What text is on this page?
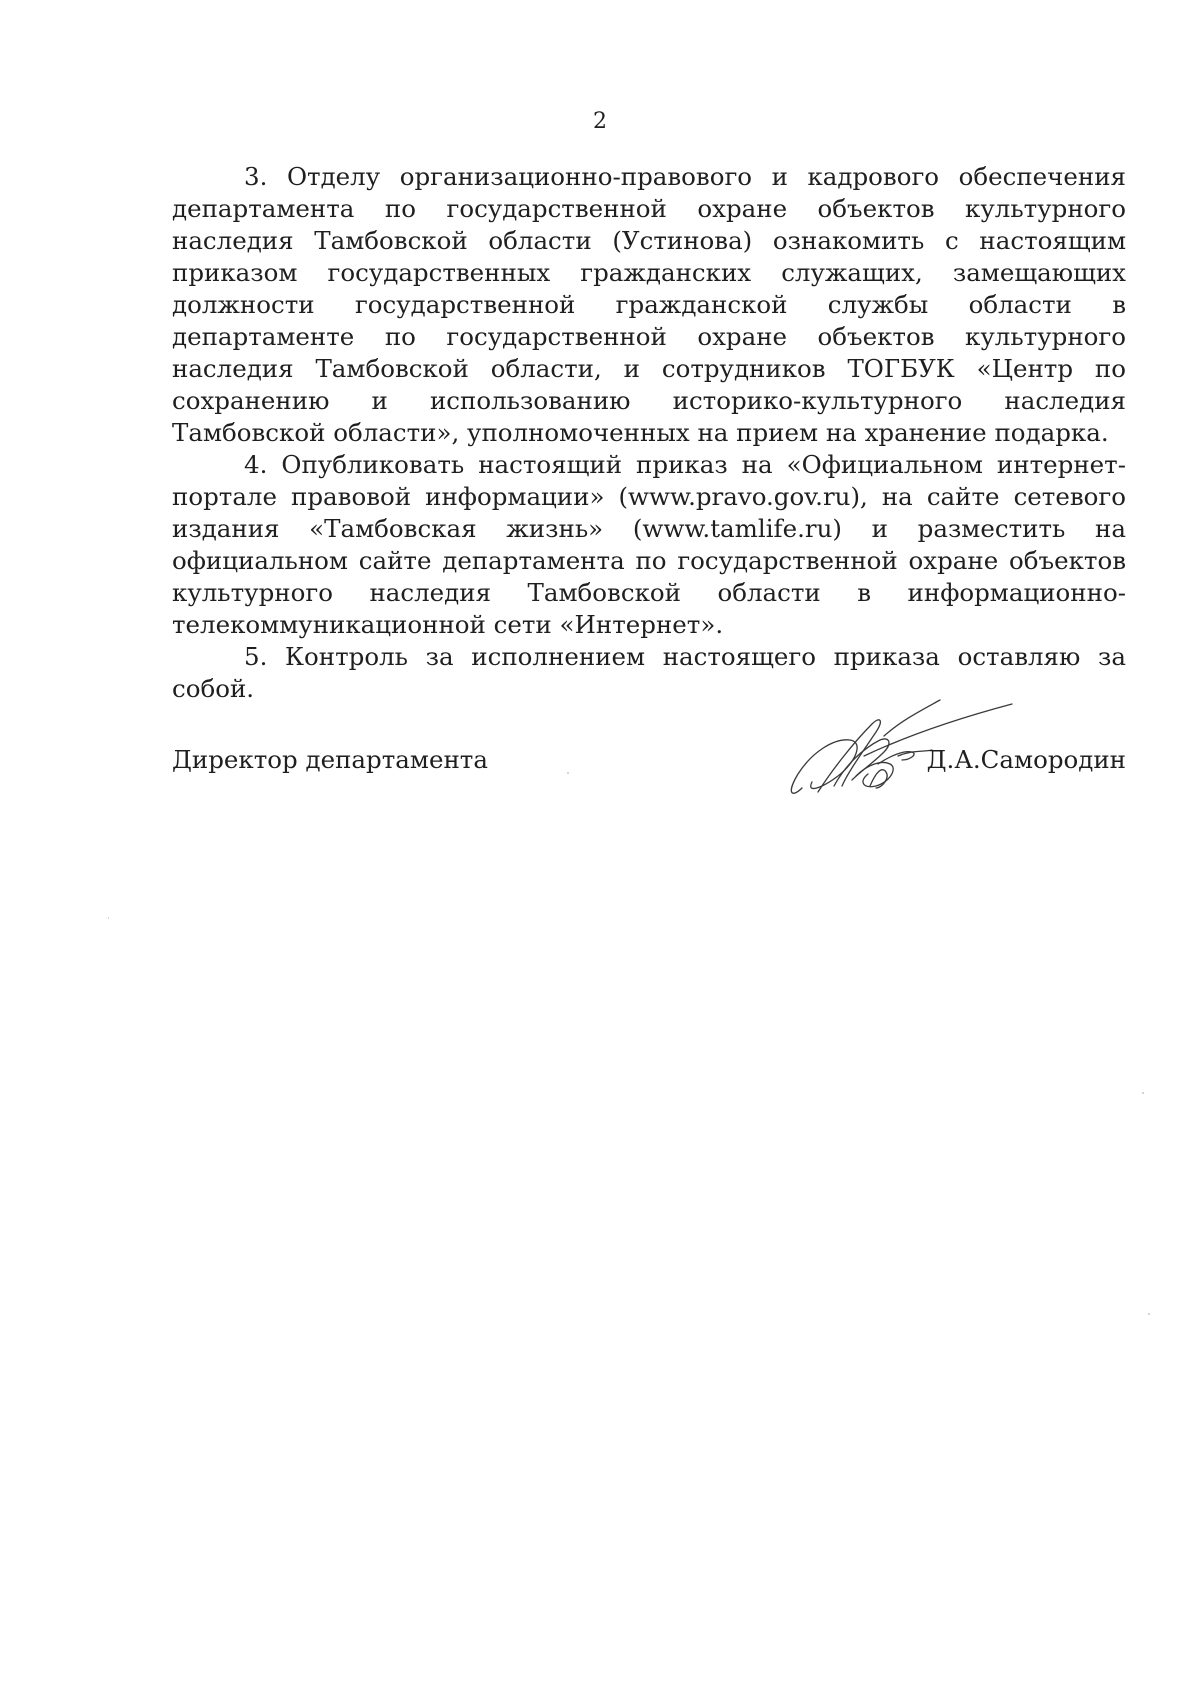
2

3. Отделу организационно-правового и кадрового обеспечения департамента по государственной охране объектов культурного наследия Тамбовской области (Устинова) ознакомить с настоящим приказом государственных гражданских служащих, замещающих должности государственной гражданской службы области в департаменте по государственной охране объектов культурного наследия Тамбовской области, и сотрудников ТОГБУК «Центр по сохранению и использованию историко-культурного наследия Тамбовской области», уполномоченных на прием на хранение подарка.

4. Опубликовать настоящий приказ на «Официальном интернет-портале правовой информации» (www.pravo.gov.ru), на сайте сетевого издания «Тамбовская жизнь» (www.tamlife.ru) и разместить на официальном сайте департамента по государственной охране объектов культурного наследия Тамбовской области в информационно-телекоммуникационной сети «Интернет».

5. Контроль за исполнением настоящего приказа оставляю за собой.

Директор департамента	Д.А.Самородин
